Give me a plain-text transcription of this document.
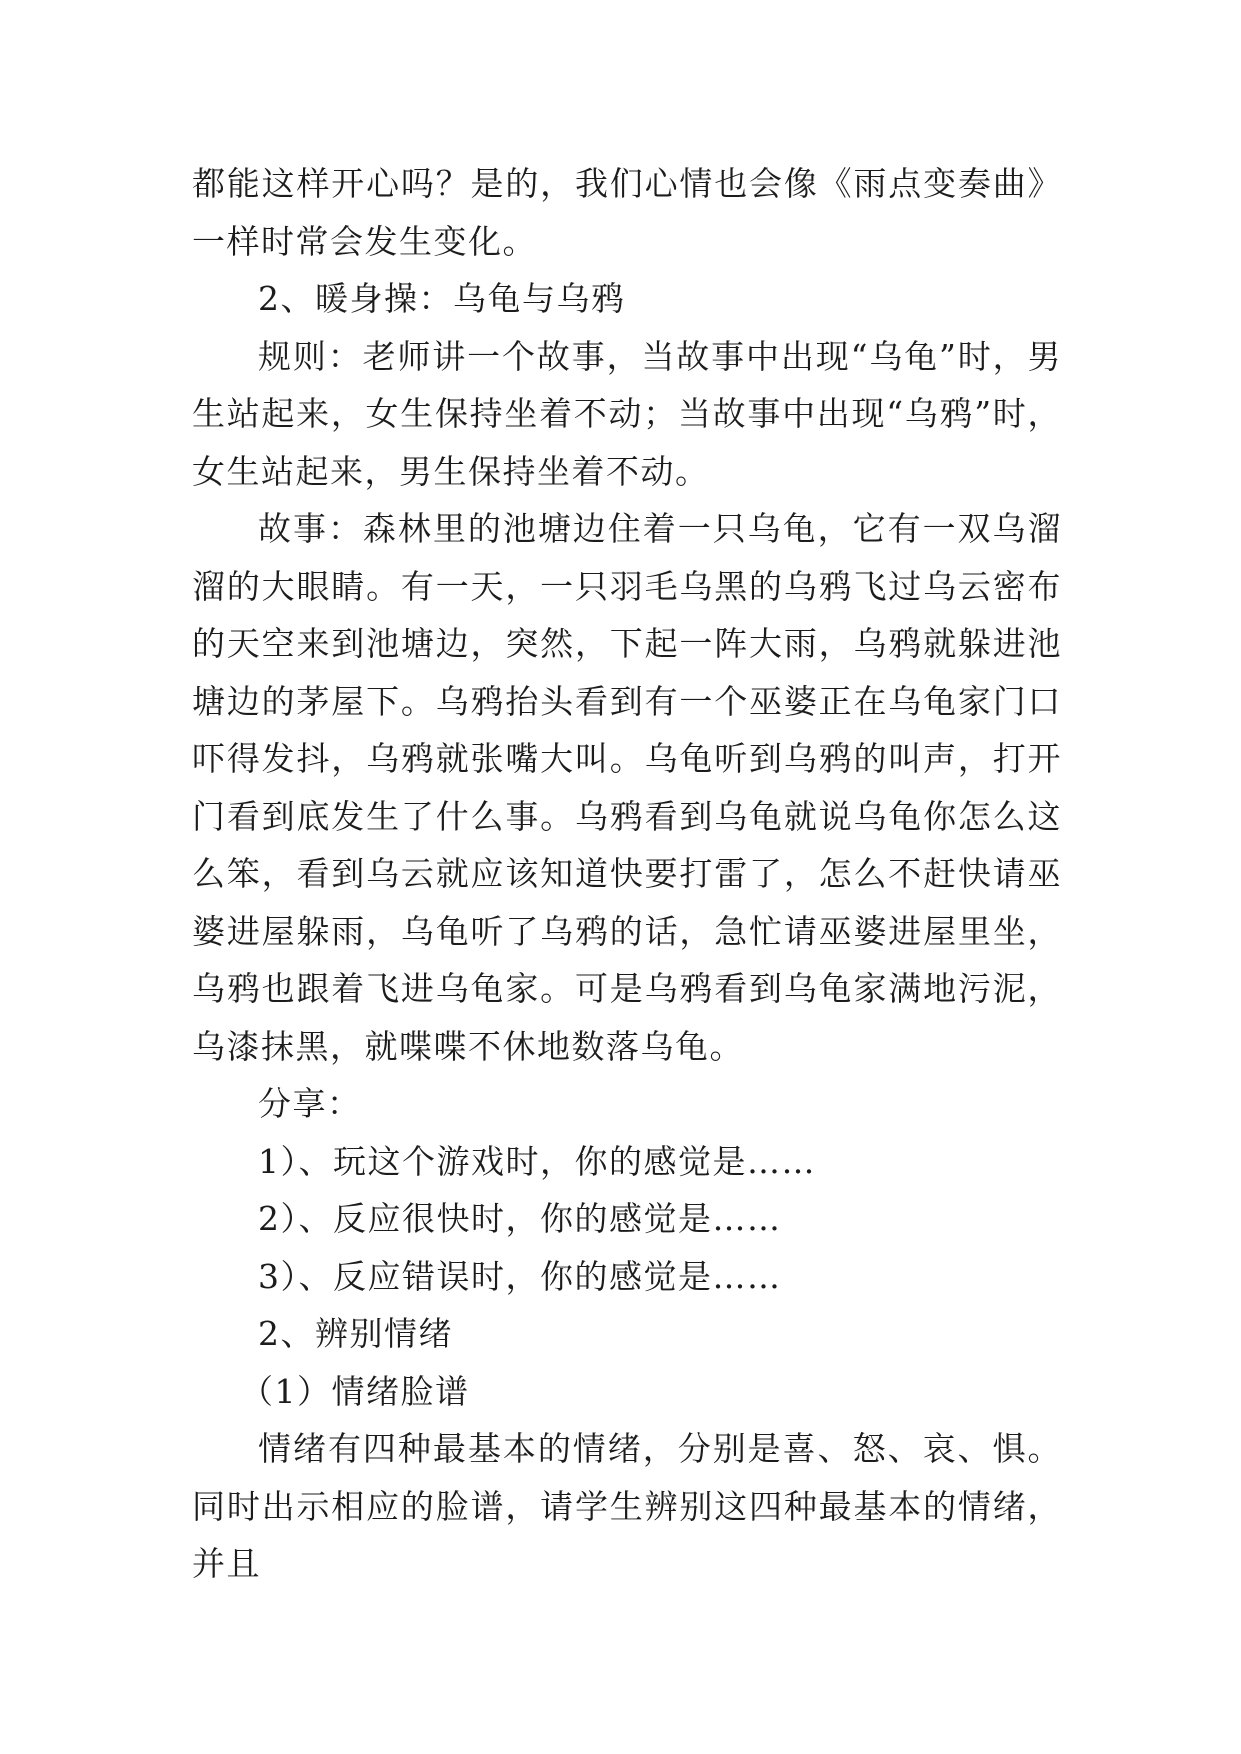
都能这样开心吗？是的，我们心情也会像《雨点变奏曲》一样时常会发生变化。

2、暖身操：乌龟与乌鸦

规则：老师讲一个故事，当故事中出现“乌龟”时，男生站起来，女生保持坐着不动；当故事中出现“乌鸦”时，女生站起来，男生保持坐着不动。

故事：森林里的池塘边住着一只乌龟，它有一双乌溜溜的大眼睛。有一天，一只羽毛乌黑的乌鸦飞过乌云密布的天空来到池塘边，突然，下起一阵大雨，乌鸦就躲进池塘边的茅屋下。乌鸦抬头看到有一个巫婆正在乌龟家门口吓得发抖，乌鸦就张嘴大叫。乌龟听到乌鸦的叫声，打开门看到底发生了什么事。乌鸦看到乌龟就说乌龟你怎么这么笨，看到乌云就应该知道快要打雷了，怎么不赶快请巫婆进屋躲雨，乌龟听了乌鸦的话，急忙请巫婆进屋里坐，乌鸦也跟着飞进乌龟家。可是乌鸦看到乌龟家满地污泥，乌漆抹黑，就喋喋不休地数落乌龟。

分享：

1）、玩这个游戏时，你的感觉是……

2）、反应很快时，你的感觉是……

3）、反应错误时，你的感觉是……

2、辨别情绪

（1）情绪脸谱

情绪有四种最基本的情绪，分别是喜、怒、哀、惧。同时出示相应的脸谱，请学生辨别这四种最基本的情绪，并且
